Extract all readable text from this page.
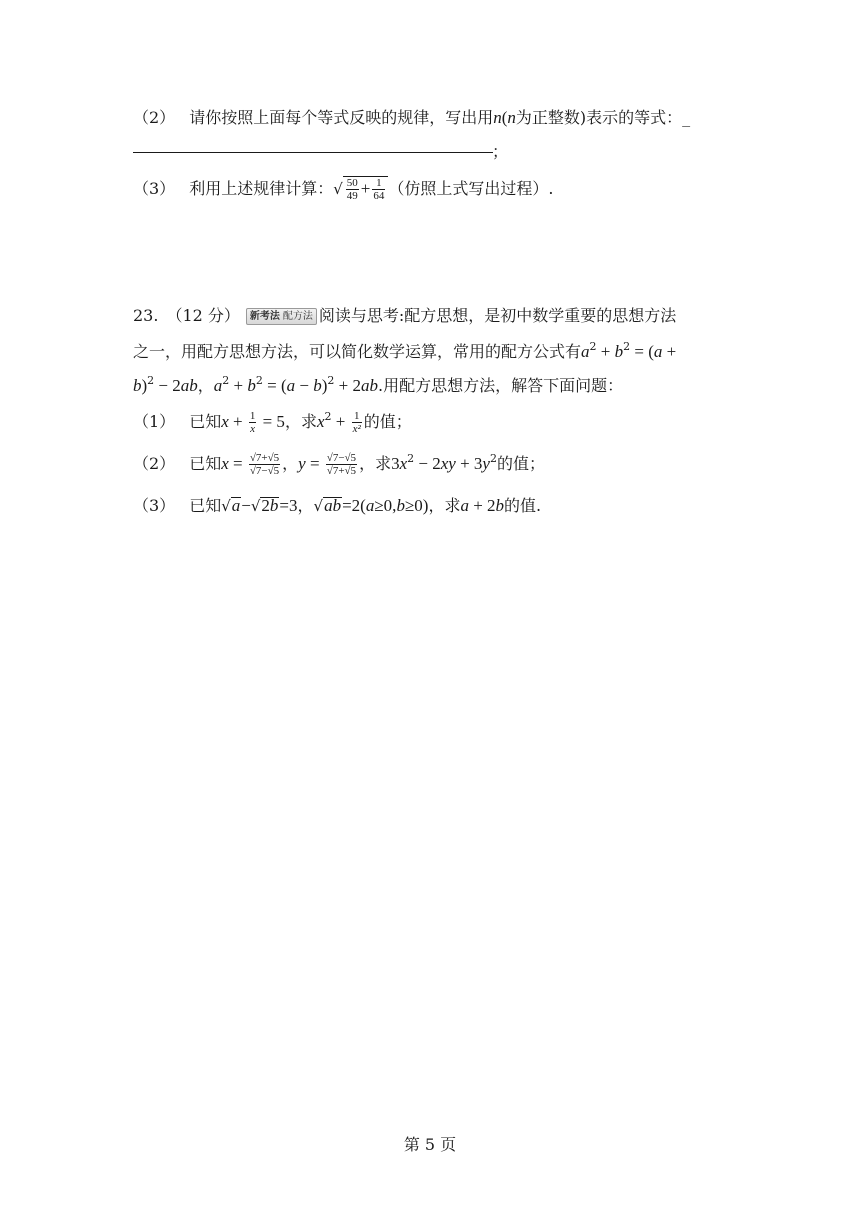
（2） 请你按照上面每个等式反映的规律，写出用n(n为正整数)表示的等式：_
；
（3） 利用上述规律计算：√ $\frac{50}{49} + \frac{1}{64}$ （仿照上式写出过程）.
23. （12 分） 新考法 配方法 阅读与思考:配方思想，是初中数学重要的思想方法
之一，用配方思想方法，可以简化数学运算，常用的配方公式有$a^2 + b^2 = (a$ +
b)$^2$ − 2ab，$a^2 + b^2 = (a - b)^2 + 2ab$.用配方思想方法，解答下面问题：
（1） 已知$x + \frac{1}{x} = 5$，求$x^2 + \frac{1}{\text{x²}}$ 的值；
（2） 已知$x = \frac{√7+√5}{√7-√5}$ ，$y = \frac{√7-√5}{√7+√5}$ ，求$3x^2 - 2xy + 3y^2$的值；
（3） 已知√a−√2b=3，√ab=2(a≥0,b≥0)，求a + 2b的值.
第 5 页
